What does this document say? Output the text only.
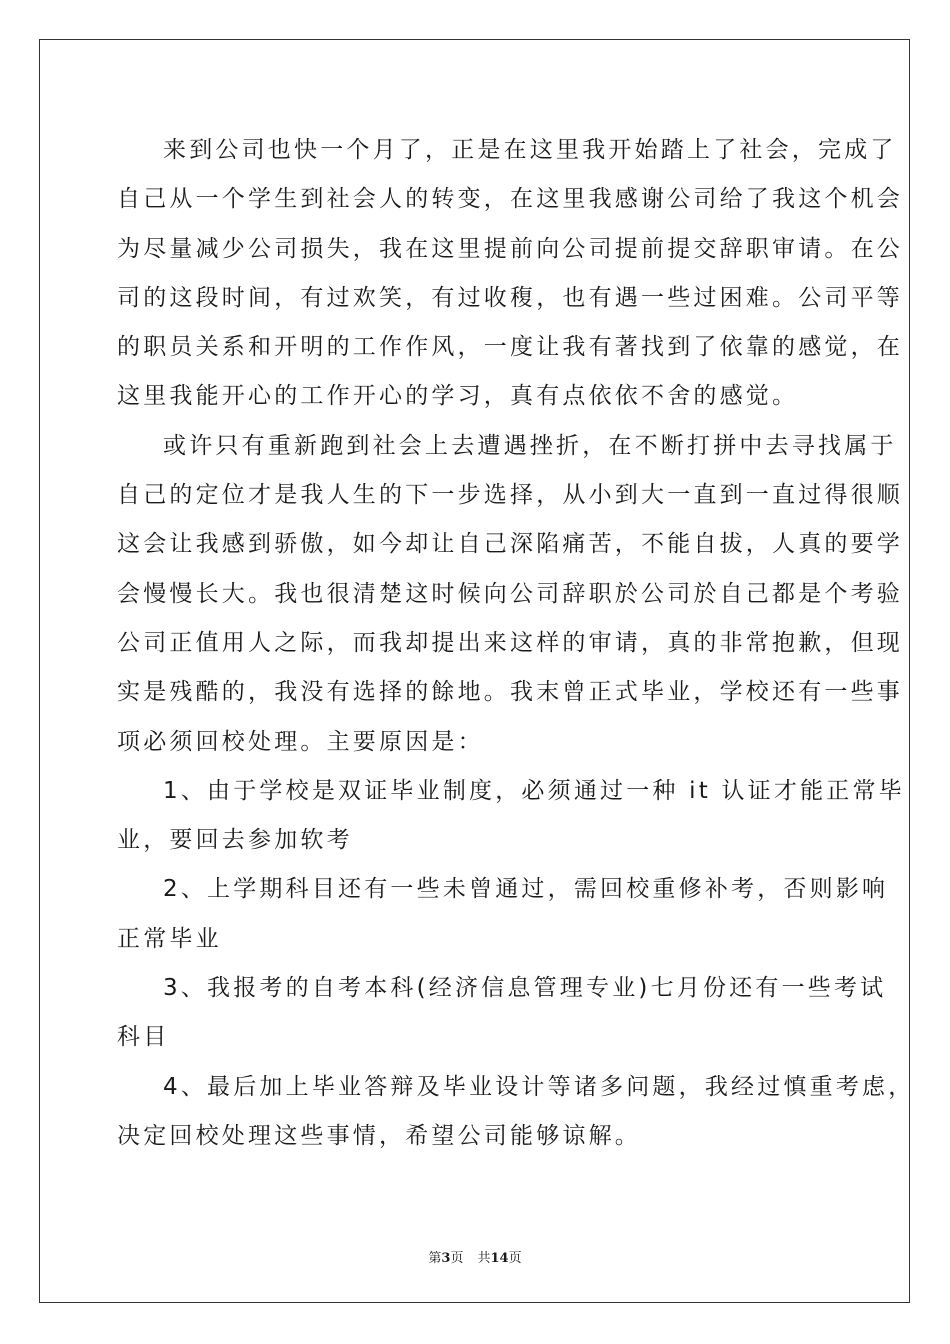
来到公司也快一个月了，正是在这里我开始踏上了社会，完成了
自己从一个学生到社会人的转变，在这里我感谢公司给了我这个机会
为尽量减少公司损失，我在这里提前向公司提前提交辞职审请。在公
司的这段时间，有过欢笑，有过收稪，也有遇一些过困难。公司平等
的职员关系和开明的工作作风，一度让我有著找到了依靠的感觉，在
这里我能开心的工作开心的学习，真有点依依不舍的感觉。
或许只有重新跑到社会上去遭遇挫折，在不断打拼中去寻找属于
自己的定位才是我人生的下一步选择，从小到大一直到一直过得很顺
这会让我感到骄傲，如今却让自己深陷痛苦，不能自拔，人真的要学
会慢慢长大。我也很清楚这时候向公司辞职於公司於自己都是个考验
公司正值用人之际，而我却提出来这样的审请，真的非常抱歉，但现
实是残酷的，我没有选择的餘地。我末曾正式毕业，学校还有一些事
项必须回校处理。主要原因是：
1、由于学校是双证毕业制度，必须通过一种 it 认证才能正常毕
业，要回去参加软考
2、上学期科目还有一些未曾通过，需回校重修补考，否则影响
正常毕业
3、我报考的自考本科(经济信息管理专业)七月份还有一些考试
科目
4、最后加上毕业答辩及毕业设计等诸多问题，我经过慎重考虑，
决定回校处理这些事情，希望公司能够谅解。
第3页 共14页
